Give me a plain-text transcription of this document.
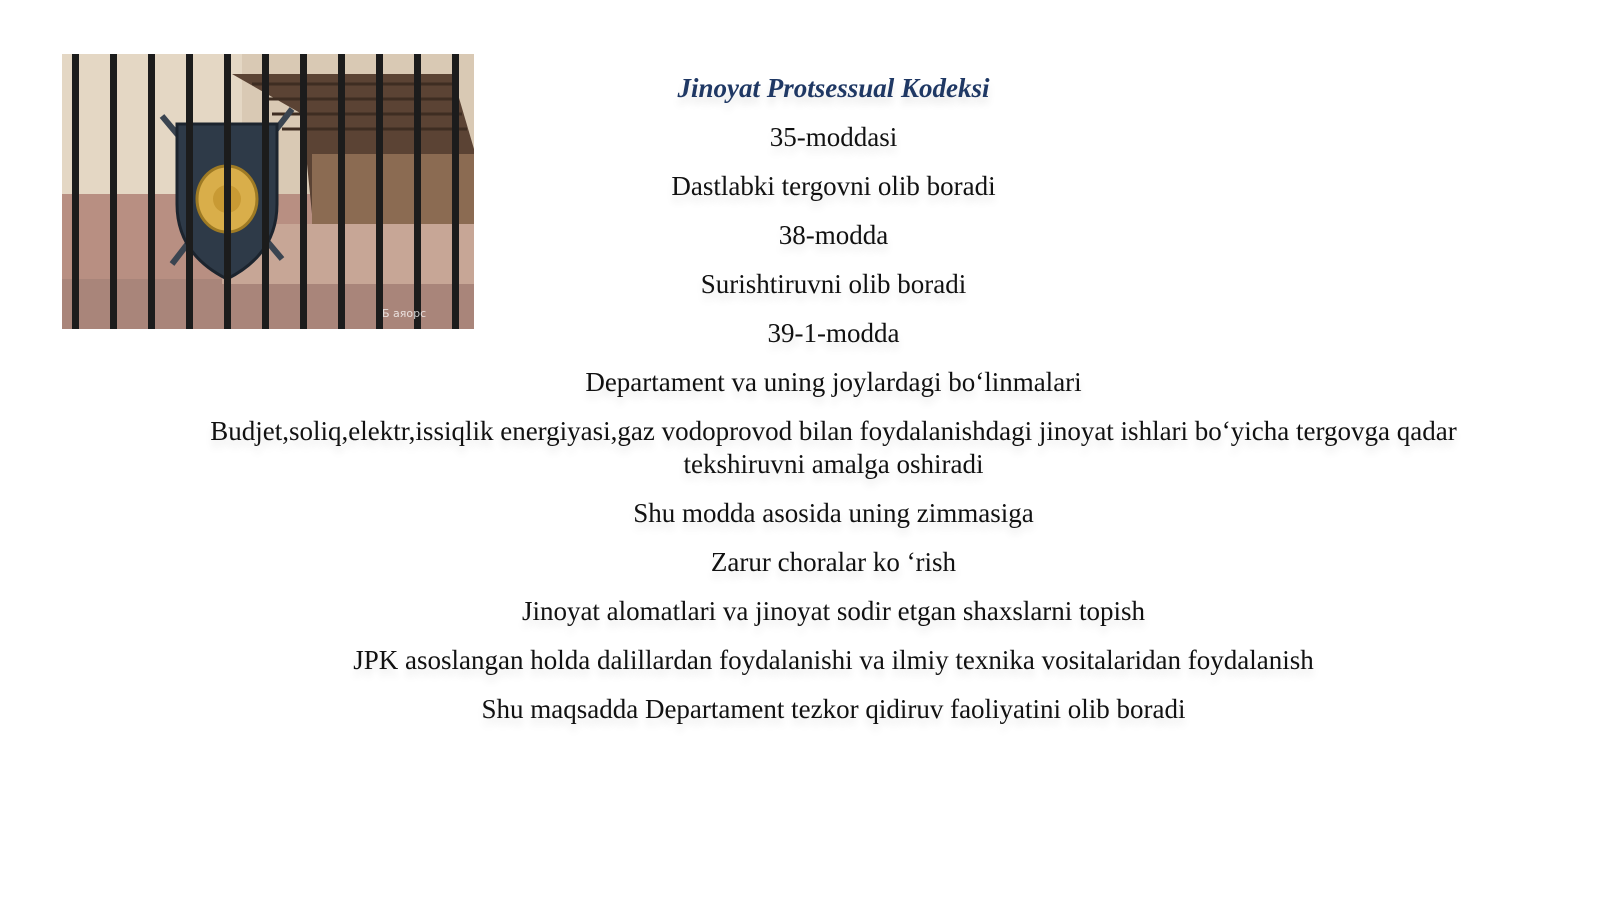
Б аяорс
Jinoyat Protsessual Kodeksi
35-moddasi
Dastlabki tergovni olib boradi
38-modda
Surishtiruvni olib boradi
39-1-modda
Departament va uning joylardagi bo‘linmalari
Budjet,soliq,elektr,issiqlik energiyasi,gaz vodoprovod bilan foydalanishdagi jinoyat ishlari bo‘yicha tergovga qadar tekshiruvni amalga oshiradi
Shu modda asosida uning zimmasiga
Zarur choralar ko ‘rish
Jinoyat alomatlari va jinoyat sodir etgan shaxslarni topish
JPK asoslangan holda dalillardan foydalanishi va ilmiy texnika vositalaridan foydalanish
Shu maqsadda Departament tezkor qidiruv faoliyatini olib boradi
